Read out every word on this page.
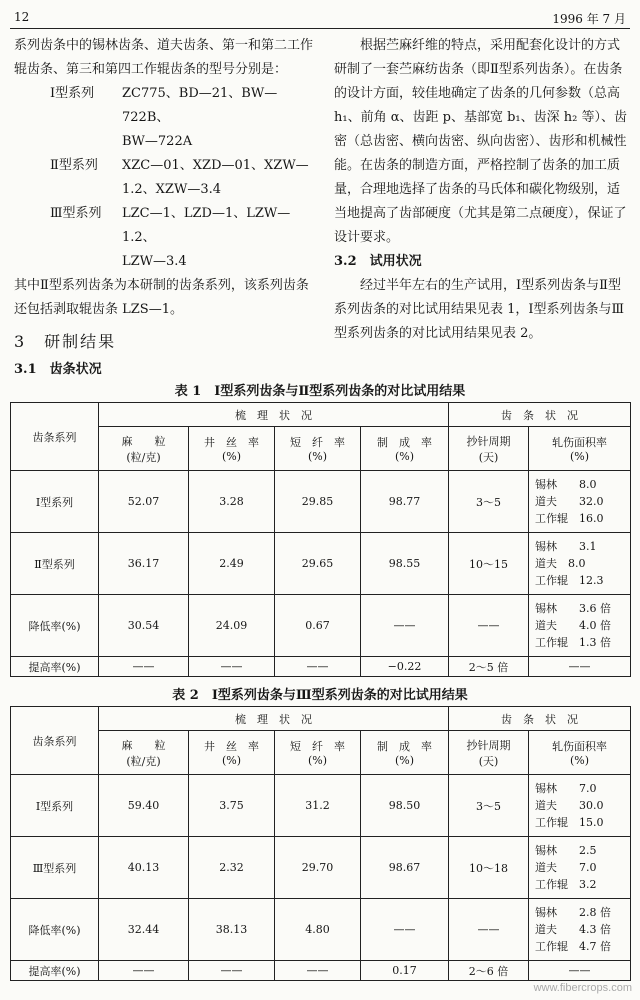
12	1996 年 7 月

系列齿条中的锡林齿条、道夫齿条、第一和第二工作辊齿条、第三和第四工作辊齿条的型号分别是：

Ⅰ型系列	ZC775、BD—21、BW—722B、
BW—722A
Ⅱ型系列	XZC—01、XZD—01、XZW—
1.2、XZW—3.4
Ⅲ型系列	LZC—1、LZD—1、LZW—1.2、
LZW—3.4

其中Ⅱ型系列齿条为本研制的齿条系列，该系列齿条还包括剥取辊齿条 LZS—1。

3　研制结果
3.1　齿条状况

根据苎麻纤维的特点，采用配套化设计的方式研制了一套苎麻纺齿条（即Ⅱ型系列齿条）。在齿条的设计方面，较佳地确定了齿条的几何参数（总高 h₁、前角 α、齿距 p、基部宽 b₁、齿深 h₂ 等）、齿密（总齿密、横向齿密、纵向齿密）、齿形和机械性能。在齿条的制造方面，严格控制了齿条的加工质量，合理地选择了齿条的马氏体和碳化物级别，适当地提高了齿部硬度（尤其是第二点硬度），保证了设计要求。

3.2　试用状况

经过半年左右的生产试用，Ⅰ型系列齿条与Ⅱ型系列齿条的对比试用结果见表 1，Ⅰ型系列齿条与Ⅲ型系列齿条的对比试用结果见表 2。

表 1　Ⅰ型系列齿条与Ⅱ型系列齿条的对比试用结果
齿条系列	梳　理　状　况				齿　条　状　况	
	麻　　粒
(粒/克)	井　丝　率
(%)	短　纤　率
(%)	制　成　率
(%)	抄针周期
(天)	轧伤面积率
(%)
Ⅰ型系列	52.07	3.28	29.85	98.77	3～5	锡林　　8.0
道夫　　32.0
工作辊　16.0

Ⅱ型系列	36.17	2.49	29.65	98.55	10～15	锡林　　3.1
道夫　8.0
工作辊　12.3

降低率(%)	30.54	24.09	0.67	——	——	锡林　　3.6 倍
道夫　　4.0 倍
工作辊　1.3 倍

提高率(%)	——	——	——	−0.22	2～5 倍	——
表 2　Ⅰ型系列齿条与Ⅲ型系列齿条的对比试用结果
齿条系列	梳　理　状　况				齿　条　状　况	
	麻　　粒
(粒/克)	井　丝　率
(%)	短　纤　率
(%)	制　成　率
(%)	抄针周期
(天)	轧伤面积率
(%)
Ⅰ型系列	59.40	3.75	31.2	98.50	3～5	锡林　　7.0
道夫　　30.0
工作辊　15.0

Ⅲ型系列	40.13	2.32	29.70	98.67	10～18	锡林　　2.5
道夫　　7.0
工作辊　3.2

降低率(%)	32.44	38.13	4.80	——	——	锡林　　2.8 倍
道夫　　4.3 倍
工作辊　4.7 倍

提高率(%)	——	——	——	0.17	2～6 倍	——
www.fibercrops.com
